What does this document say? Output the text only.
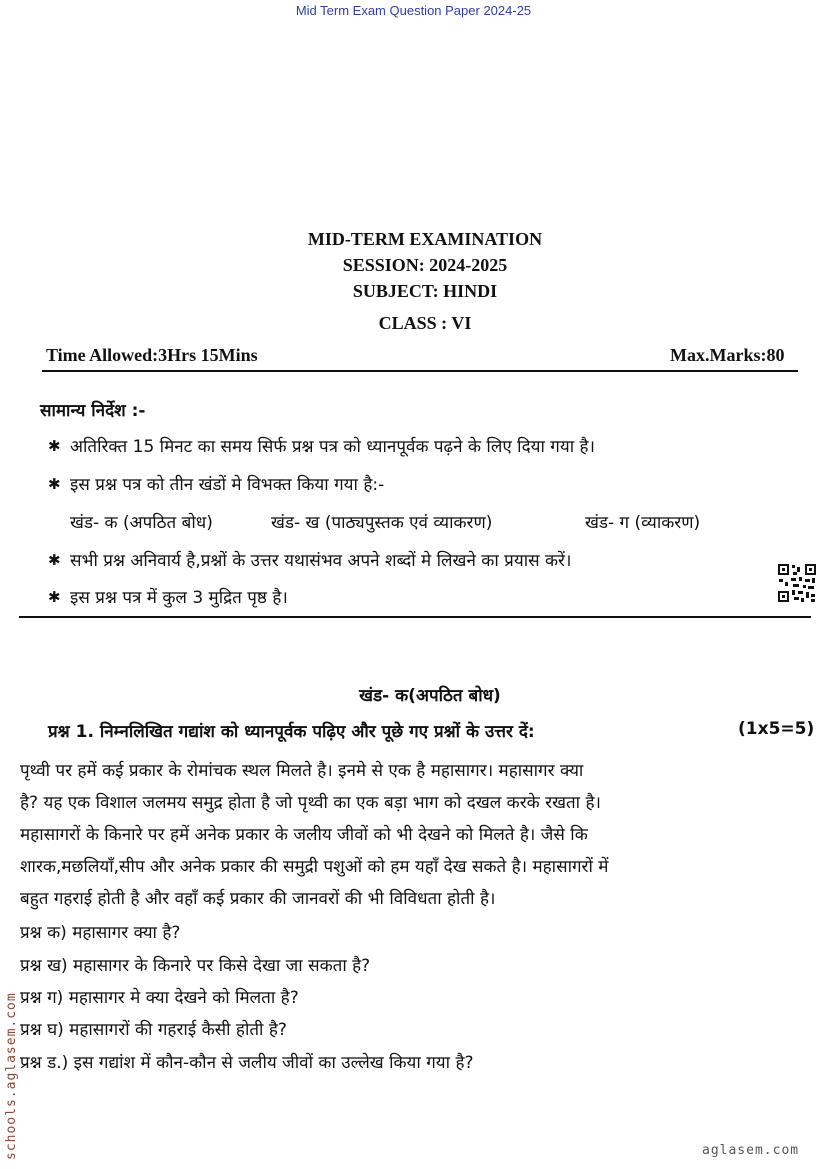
Mid Term Exam Question Paper 2024-25
MID-TERM EXAMINATION
SESSION: 2024-2025
SUBJECT: HINDI
CLASS : VI
Time Allowed:3Hrs 15Mins	Max.Marks:80
सामान्य निर्देश :-
✱ अतिरिक्त 15 मिनट का समय सिर्फ प्रश्न पत्र को ध्यानपूर्वक पढ़ने के लिए दिया गया है।
✱ इस प्रश्न पत्र को तीन खंडों मे विभक्त किया गया है:-
खंड- क (अपठित बोध)	खंड- ख (पाठ्यपुस्तक एवं व्याकरण)	खंड- ग (व्याकरण)
✱ सभी प्रश्न अनिवार्य है,प्रश्नों के उत्तर यथासंभव अपने शब्दों मे लिखने का प्रयास करें।
✱ इस प्रश्न पत्र में कुल 3 मुद्रित पृष्ठ है।
खंड- क(अपठित बोध)
प्रश्न 1. निम्नलिखित गद्यांश को ध्यानपूर्वक पढ़िए और पूछे गए प्रश्नों के उत्तर दें:	(1x5=5)
पृथ्वी पर हमें कई प्रकार के रोमांचक स्थल मिलते है। इनमे से एक है महासागर। महासागर क्या
है? यह एक विशाल जलमय समुद्र होता है जो पृथ्वी का एक बड़ा भाग को दखल करके रखता है।
महासागरों के किनारे पर हमें अनेक प्रकार के जलीय जीवों को भी देखने को मिलते है। जैसे कि
शारक,मछलियाँ,सीप और अनेक प्रकार की समुद्री पशुओं को हम यहाँ देख सकते है। महासागरों में
बहुत गहराई होती है और वहाँ कई प्रकार की जानवरों की भी विविधता होती है।
प्रश्न क) महासागर क्या है?
प्रश्न ख) महासागर के किनारे पर किसे देखा जा सकता है?
प्रश्न ग) महासागर मे क्या देखने को मिलता है?
प्रश्न घ) महासागरों की गहराई कैसी होती है?
प्रश्न ड.) इस गद्यांश में कौन-कौन से जलीय जीवों का उल्लेख किया गया है?
schools.aglasem.com	aglasem.com
